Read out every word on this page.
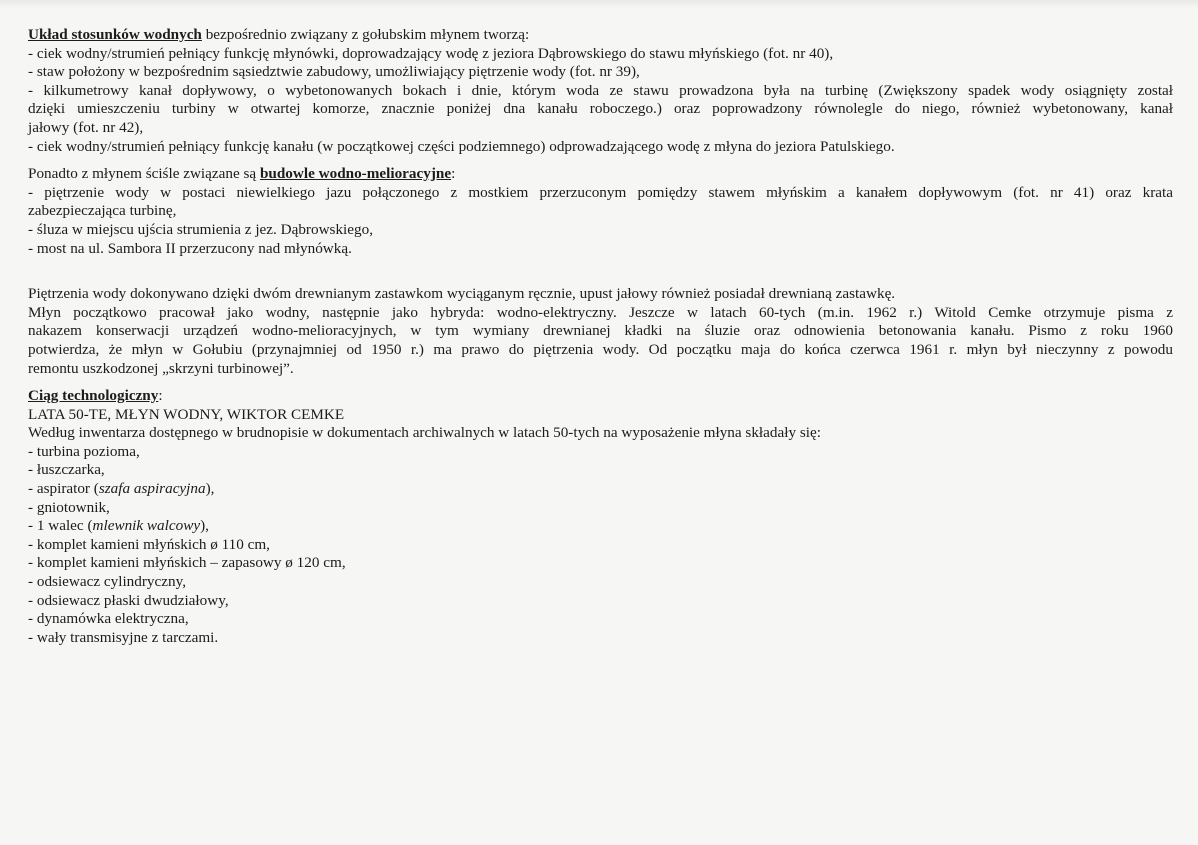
Układ stosunków wodnych bezpośrednio związany z gołubskim młynem tworzą:
- ciek wodny/strumień pełniący funkcję młynówki, doprowadzający wodę z jeziora Dąbrowskiego do stawu młyńskiego (fot. nr 40),
- staw położony w bezpośrednim sąsiedztwie zabudowy, umożliwiający piętrzenie wody (fot. nr 39),
- kilkumetrowy kanał dopływowy, o wybetonowanych bokach i dnie, którym woda ze stawu prowadzona była na turbinę (Zwiększony spadek wody osiągnięty został
dzięki umieszczeniu turbiny w otwartej komorze, znacznie poniżej dna kanału roboczego.) oraz poprowadzony równolegle do niego, również wybetonowany, kanał
jałowy (fot. nr 42),
- ciek wodny/strumień pełniący funkcję kanału (w początkowej części podziemnego) odprowadzającego wodę z młyna do jeziora Patulskiego.
Ponadto z młynem ściśle związane są budowle wodno-melioracyjne:
- piętrzenie wody w postaci niewielkiego jazu połączonego z mostkiem przerzuconym pomiędzy stawem młyńskim a kanałem dopływowym (fot. nr 41) oraz krata
zabezpieczająca turbinę,
- śluza w miejscu ujścia strumienia z jez. Dąbrowskiego,
- most na ul. Sambora II przerzucony nad młynówką.
Piętrzenia wody dokonywano dzięki dwóm drewnianym zastawkom wyciąganym ręcznie, upust jałowy również posiadał drewnianą zastawkę.
Młyn początkowo pracował jako wodny, następnie jako hybryda: wodno-elektryczny. Jeszcze w latach 60-tych (m.in. 1962 r.) Witold Cemke otrzymuje pisma z
nakazem konserwacji urządzeń wodno-melioracyjnych, w tym wymiany drewnianej kładki na śluzie oraz odnowienia betonowania kanału. Pismo z roku 1960
potwierdza, że młyn w Gołubiu (przynajmniej od 1950 r.) ma prawo do piętrzenia wody. Od początku maja do końca czerwca 1961 r. młyn był nieczynny z powodu
remontu uszkodzonej „skrzyni turbinowej”.
Ciąg technologiczny:
LATA 50-TE, MŁYN WODNY, WIKTOR CEMKE
Według inwentarza dostępnego w brudnopisie w dokumentach archiwalnych w latach 50-tych na wyposażenie młyna składały się:
- turbina pozioma,
- łuszczarka,
- aspirator (szafa aspiracyjna),
- gniotownik,
- 1 walec (mlewnik walcowy),
- komplet kamieni młyńskich ø 110 cm,
- komplet kamieni młyńskich – zapasowy ø 120 cm,
- odsiewacz cylindryczny,
- odsiewacz płaski dwudziałowy,
- dynamówka elektryczna,
- wały transmisyjne z tarczami.
